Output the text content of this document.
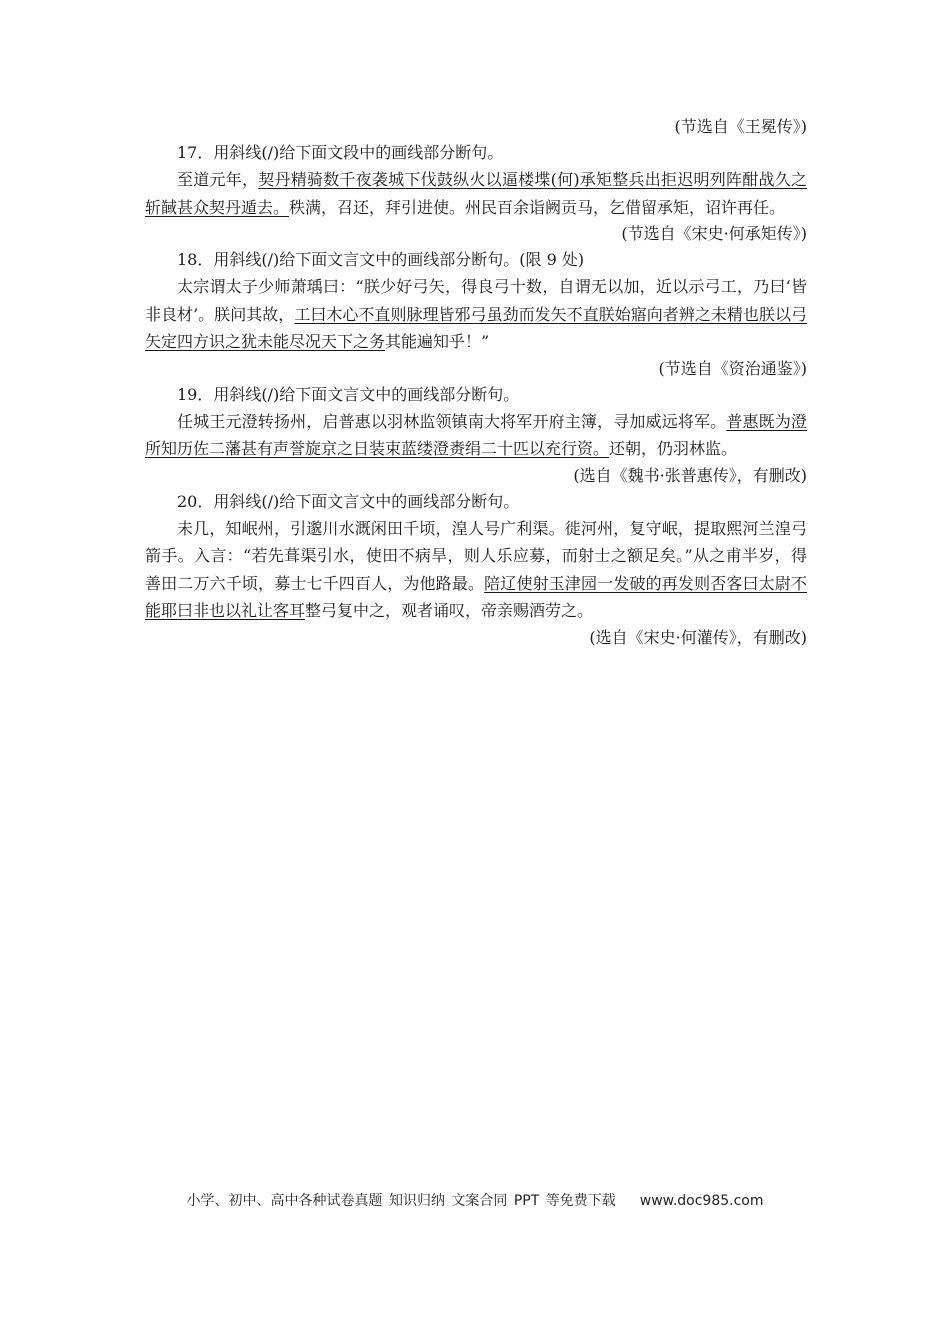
(节选自《王冕传》)
17．用斜线(/)给下面文段中的画线部分断句。
至道元年，契丹精骑数千夜袭城下伐鼓纵火以逼楼堞(何)承矩整兵出拒迟明列阵酣战久之斩馘甚众契丹遁去。秩满，召还，拜引进使。州民百余诣阙贡马，乞借留承矩，诏许再任。
(节选自《宋史·何承矩传》)
18．用斜线(/)给下面文言文中的画线部分断句。(限 9 处)
太宗谓太子少师萧瑀曰：“朕少好弓矢，得良弓十数，自谓无以加，近以示弓工，乃曰‘皆非良材’。朕问其故，工曰木心不直则脉理皆邪弓虽劲而发矢不直朕始寤向者辨之未精也朕以弓矢定四方识之犹未能尽况天下之务其能遍知乎！”
(节选自《资治通鉴》)
19．用斜线(/)给下面文言文中的画线部分断句。
任城王元澄转扬州，启普惠以羽林监领镇南大将军开府主簿，寻加威远将军。普惠既为澄所知历佐二藩甚有声誉旋京之日装束蓝缕澄赉绢二十匹以充行资。还朝，仍羽林监。
(选自《魏书·张普惠传》，有删改)
20．用斜线(/)给下面文言文中的画线部分断句。
未几，知岷州，引邈川水溉闲田千顷，湟人号广利渠。徙河州，复守岷，提取熙河兰湟弓箭手。入言：“若先葺渠引水，使田不病旱，则人乐应募，而射士之额足矣。”从之甫半岁，得善田二万六千顷，募士七千四百人，为他路最。陪辽使射玉津园一发破的再发则否客曰太尉不能耶曰非也以礼让客耳整弓复中之，观者诵叹，帝亲赐酒劳之。
(选自《宋史·何灌传》，有删改)
小学、初中、高中各种试卷真题 知识归纳 文案合同 PPT 等免费下载 www.doc985.com
